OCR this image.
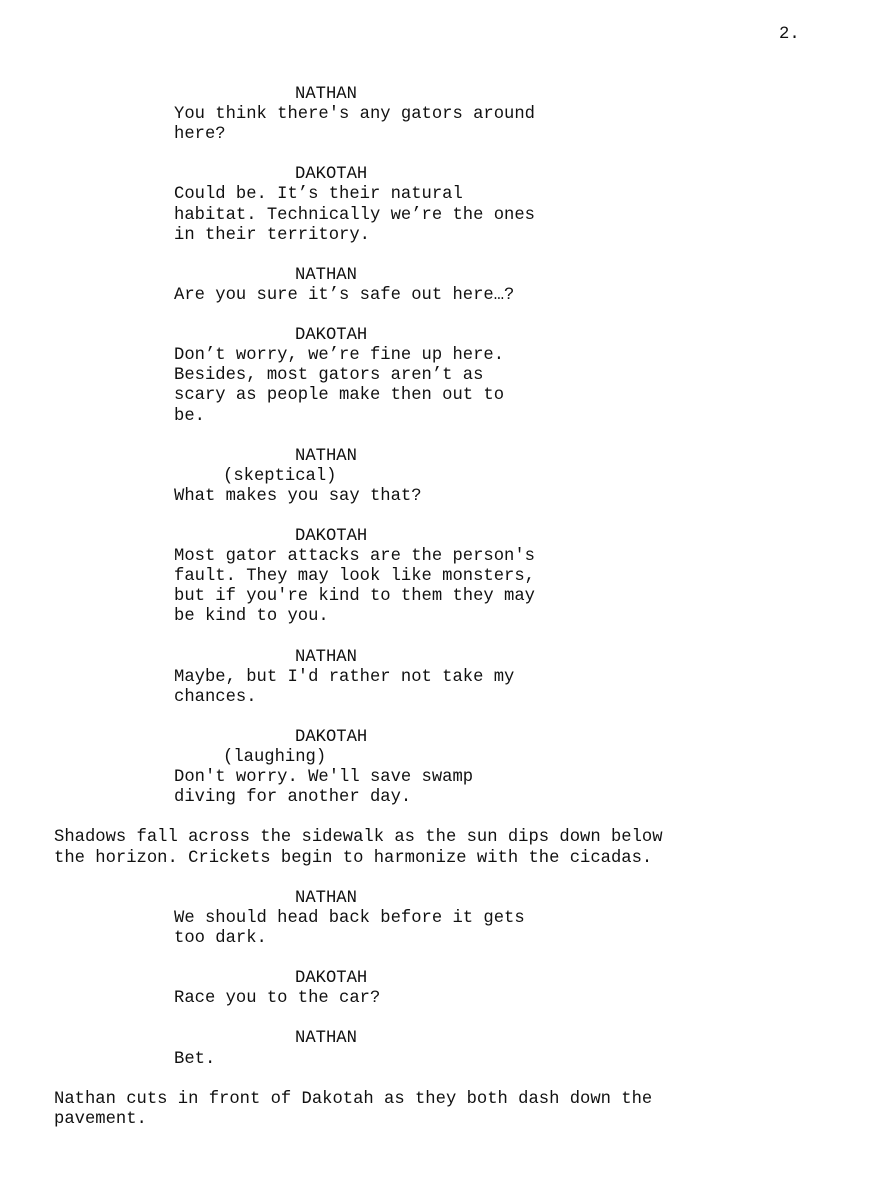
2.

NATHAN
You think there's any gators around
here?
DAKOTAH
Could be. It’s their natural
habitat. Technically we’re the ones
in their territory.
NATHAN
Are you sure it’s safe out here…?
DAKOTAH
Don’t worry, we’re fine up here.
Besides, most gators aren’t as
scary as people make then out to
be.
NATHAN
(skeptical)
What makes you say that?
DAKOTAH
Most gator attacks are the person's
fault. They may look like monsters,
but if you're kind to them they may
be kind to you.
NATHAN
Maybe, but I'd rather not take my
chances.
DAKOTAH
(laughing)
Don't worry. We'll save swamp
diving for another day.
Shadows fall across the sidewalk as the sun dips down below
the horizon. Crickets begin to harmonize with the cicadas.
NATHAN
We should head back before it gets
too dark.
DAKOTAH
Race you to the car?
NATHAN
Bet.
Nathan cuts in front of Dakotah as they both dash down the
pavement.
